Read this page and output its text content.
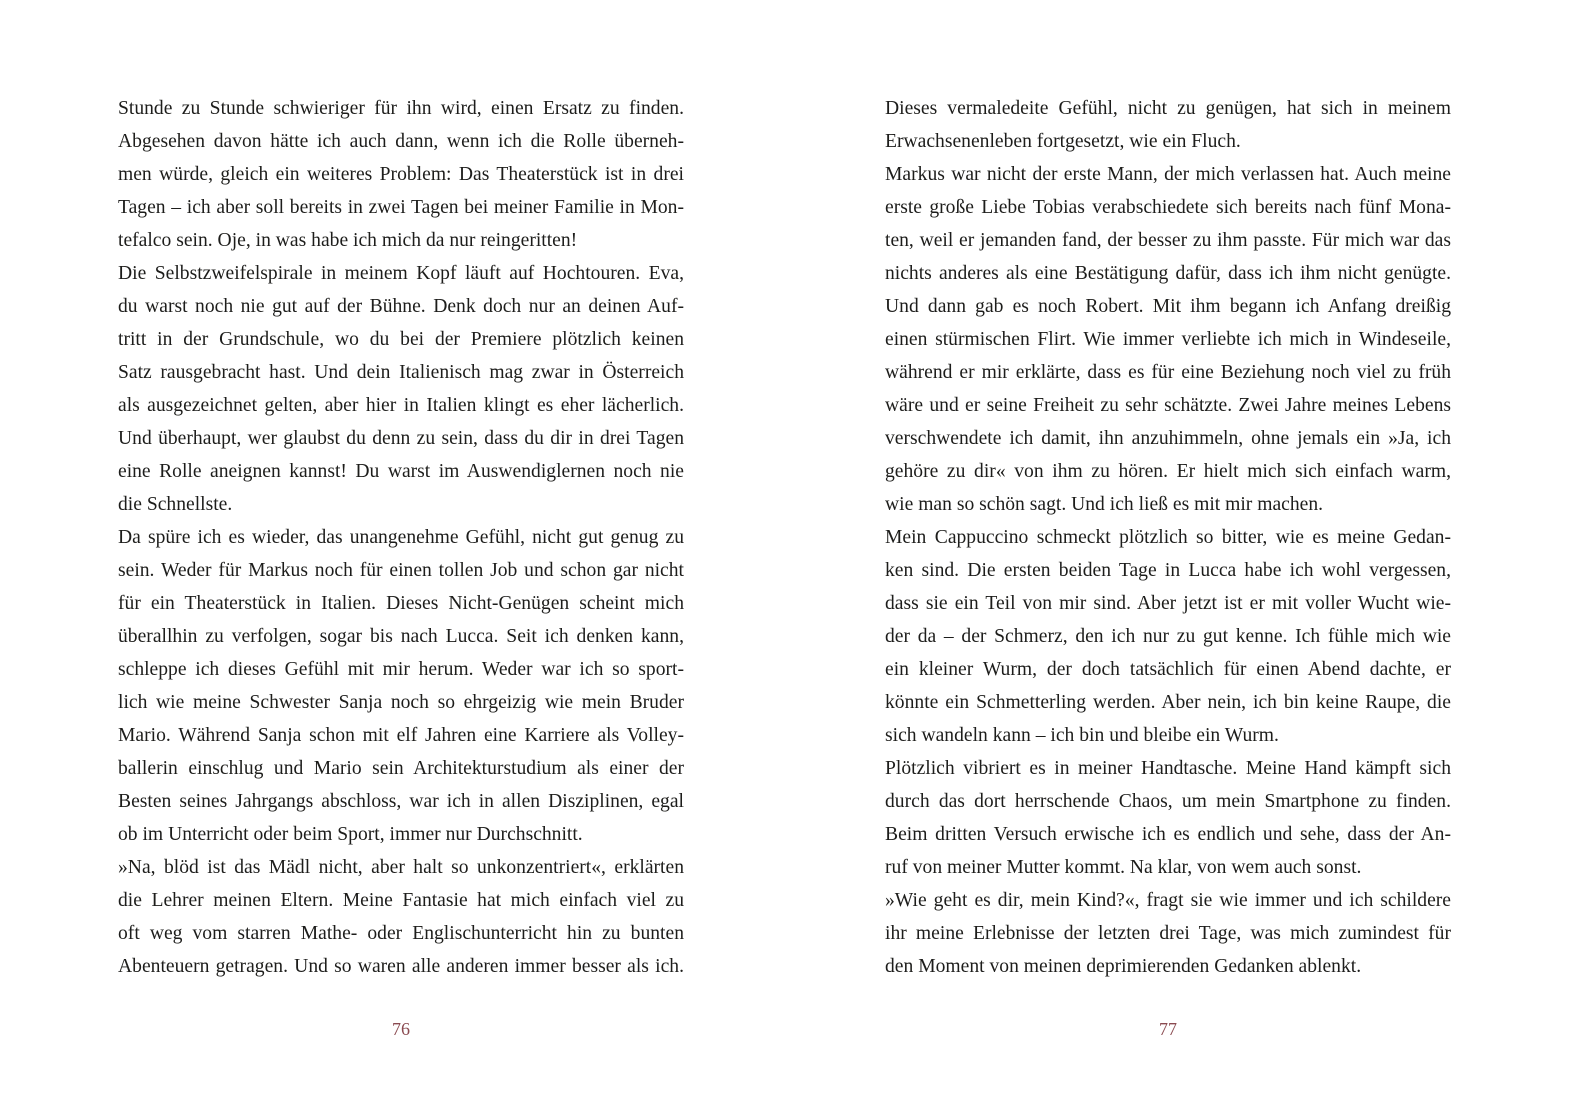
Stunde zu Stunde schwieriger für ihn wird, einen Ersatz zu finden.
Abgesehen davon hätte ich auch dann, wenn ich die Rolle überneh-
men würde, gleich ein weiteres Problem: Das Theaterstück ist in drei
Tagen – ich aber soll bereits in zwei Tagen bei meiner Familie in Mon-
tefalco sein. Oje, in was habe ich mich da nur reingeritten!
Die Selbstzweifelspirale in meinem Kopf läuft auf Hochtouren. Eva,
du warst noch nie gut auf der Bühne. Denk doch nur an deinen Auf-
tritt in der Grundschule, wo du bei der Premiere plötzlich keinen
Satz rausgebracht hast. Und dein Italienisch mag zwar in Österreich
als ausgezeichnet gelten, aber hier in Italien klingt es eher lächerlich.
Und überhaupt, wer glaubst du denn zu sein, dass du dir in drei Tagen
eine Rolle aneignen kannst! Du warst im Auswendiglernen noch nie
die Schnellste.
Da spüre ich es wieder, das unangenehme Gefühl, nicht gut genug zu
sein. Weder für Markus noch für einen tollen Job und schon gar nicht
für ein Theaterstück in Italien. Dieses Nicht-Genügen scheint mich
überallhin zu verfolgen, sogar bis nach Lucca. Seit ich denken kann,
schleppe ich dieses Gefühl mit mir herum. Weder war ich so sport-
lich wie meine Schwester Sanja noch so ehrgeizig wie mein Bruder
Mario. Während Sanja schon mit elf Jahren eine Karriere als Volley-
ballerin einschlug und Mario sein Architekturstudium als einer der
Besten seines Jahrgangs abschloss, war ich in allen Disziplinen, egal
ob im Unterricht oder beim Sport, immer nur Durchschnitt.
»Na, blöd ist das Mädl nicht, aber halt so unkonzentriert«, erklärten
die Lehrer meinen Eltern. Meine Fantasie hat mich einfach viel zu
oft weg vom starren Mathe- oder Englischunterricht hin zu bunten
Abenteuern getragen. Und so waren alle anderen immer besser als ich.
Dieses vermaledeite Gefühl, nicht zu genügen, hat sich in meinem
Erwachsenenleben fortgesetzt, wie ein Fluch.
Markus war nicht der erste Mann, der mich verlassen hat. Auch meine
erste große Liebe Tobias verabschiedete sich bereits nach fünf Mona-
ten, weil er jemanden fand, der besser zu ihm passte. Für mich war das
nichts anderes als eine Bestätigung dafür, dass ich ihm nicht genügte.
Und dann gab es noch Robert. Mit ihm begann ich Anfang dreißig
einen stürmischen Flirt. Wie immer verliebte ich mich in Windeseile,
während er mir erklärte, dass es für eine Beziehung noch viel zu früh
wäre und er seine Freiheit zu sehr schätzte. Zwei Jahre meines Lebens
verschwendete ich damit, ihn anzuhimmeln, ohne jemals ein »Ja, ich
gehöre zu dir« von ihm zu hören. Er hielt mich sich einfach warm,
wie man so schön sagt. Und ich ließ es mit mir machen.
Mein Cappuccino schmeckt plötzlich so bitter, wie es meine Gedan-
ken sind. Die ersten beiden Tage in Lucca habe ich wohl vergessen,
dass sie ein Teil von mir sind. Aber jetzt ist er mit voller Wucht wie-
der da – der Schmerz, den ich nur zu gut kenne. Ich fühle mich wie
ein kleiner Wurm, der doch tatsächlich für einen Abend dachte, er
könnte ein Schmetterling werden. Aber nein, ich bin keine Raupe, die
sich wandeln kann – ich bin und bleibe ein Wurm.
Plötzlich vibriert es in meiner Handtasche. Meine Hand kämpft sich
durch das dort herrschende Chaos, um mein Smartphone zu finden.
Beim dritten Versuch erwische ich es endlich und sehe, dass der An-
ruf von meiner Mutter kommt. Na klar, von wem auch sonst.
»Wie geht es dir, mein Kind?«, fragt sie wie immer und ich schildere
ihr meine Erlebnisse der letzten drei Tage, was mich zumindest für
den Moment von meinen deprimierenden Gedanken ablenkt.
76	77
